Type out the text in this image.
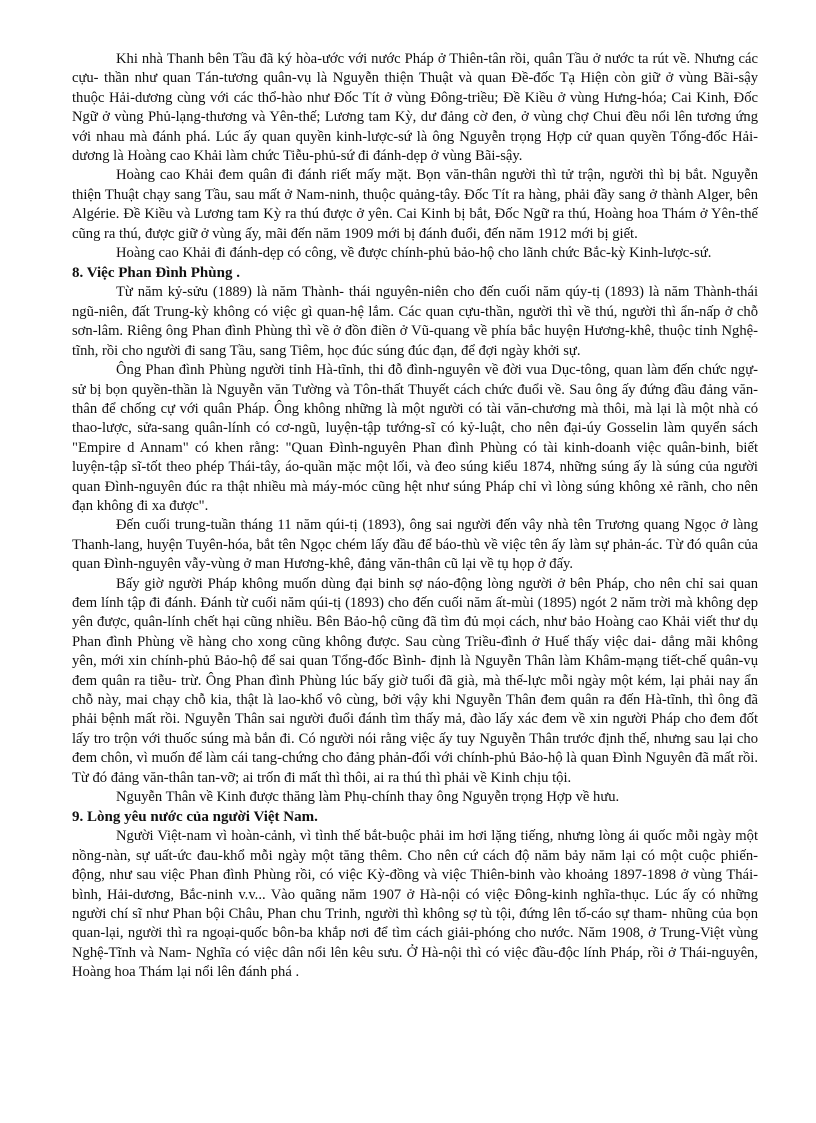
Khi nhà Thanh bên Tầu đã ký hòa-ước với nước Pháp ở Thiên-tân rồi, quân Tầu ở nước ta rút về. Nhưng các cựu- thần như quan Tán-tương quân-vụ là Nguyễn thiện Thuật và quan Đề-đốc Tạ Hiện còn giữ ở vùng Bãi-sậy thuộc Hải-dương cùng với các thổ-hào như Đốc Tít ở vùng Đông-triều; Đề Kiều ở vùng Hưng-hóa; Cai Kinh, Đốc Ngữ ở vùng Phủ-lạng-thương và Yên-thế; Lương tam Kỳ, dư đảng cờ đen, ở vùng chợ Chui đều nổi lên tương ứng với nhau mà đánh phá. Lúc ấy quan quyền kinh-lược-sứ là ông Nguyễn trọng Hợp cử quan quyền Tổng-đốc Hải-dương là Hoàng cao Khải làm chức Tiễu-phủ-sứ đi đánh-dẹp ở vùng Bãi-sậy.

Hoàng cao Khải đem quân đi đánh riết mấy mặt. Bọn văn-thân người thì tử trận, người thì bị bắt. Nguyễn thiện Thuật chạy sang Tầu, sau mất ở Nam-ninh, thuộc quảng-tây. Đốc Tít ra hàng, phải đầy sang ở thành Alger, bên Algérie. Đề Kiều và Lương tam Kỳ ra thú được ở yên. Cai Kinh bị bắt, Đốc Ngữ ra thú, Hoàng hoa Thám ở Yên-thế cũng ra thú, được giữ ở vùng ấy, mãi đến năm 1909 mới bị đánh đuổi, đến năm 1912 mới bị giết.

Hoàng cao Khải đi đánh-dẹp có công, về được chính-phủ bảo-hộ cho lãnh chức Bắc-kỳ Kinh-lược-sứ.

8. Việc Phan Đình Phùng .

Từ năm kỷ-sửu (1889) là năm Thành- thái nguyên-niên cho đến cuối năm qúy-tị (1893) là năm Thành-thái ngũ-niên, đất Trung-kỳ không có việc gì quan-hệ lắm. Các quan cựu-thần, người thì về thú, người thì ẩn-nấp ở chỗ sơn-lâm. Riêng ông Phan đình Phùng thì về ở đồn điền ở Vũ-quang về phía bắc huyện Hương-khê, thuộc tỉnh Nghệ-tĩnh, rồi cho người đi sang Tầu, sang Tiêm, học đúc súng đúc đạn, để đợi ngày khởi sự.

Ông Phan đình Phùng người tỉnh Hà-tĩnh, thi đỗ đình-nguyên về đời vua Dục-tông, quan làm đến chức ngự-sử bị bọn quyền-thần là Nguyễn văn Tường và Tôn-thất Thuyết cách chức đuổi về. Sau ông ấy đứng đầu đảng văn-thân để chống cự với quân Pháp. Ông không những là một người có tài văn-chương mà thôi, mà lại là một nhà có thao-lược, sửa-sang quân-lính có cơ-ngũ, luyện-tập tướng-sĩ có kỷ-luật, cho nên đại-úy Gosselin làm quyển sách "Empire d Annam" có khen rằng: "Quan Đình-nguyên Phan đình Phùng có tài kinh-doanh việc quân-binh, biết luyện-tập sĩ-tốt theo phép Thái-tây, áo-quần mặc một lối, và đeo súng kiểu 1874, những súng ấy là súng của người quan Đình-nguyên đúc ra thật nhiều mà máy-móc cũng hệt như súng Pháp chỉ vì lòng súng không xẻ rãnh, cho nên đạn không đi xa được".

Đến cuối trung-tuần tháng 11 năm qúi-tị (1893), ông sai người đến vây nhà tên Trương quang Ngọc ở làng Thanh-lang, huyện Tuyên-hóa, bắt tên Ngọc chém lấy đầu để báo-thù về việc tên ấy làm sự phản-ác. Từ đó quân của quan Đình-nguyên vẫy-vùng ở man Hương-khê, đảng văn-thân cũ lại về tụ họp ở đấy.

Bấy giờ người Pháp không muốn dùng đại binh sợ náo-động lòng người ở bên Pháp, cho nên chỉ sai quan đem lính tập đi đánh. Đánh từ cuối năm qúi-tị (1893) cho đến cuối năm ất-mùi (1895) ngót 2 năm trời mà không dẹp yên được, quân-lính chết hại cũng nhiều. Bên Bảo-hộ cũng đã tìm đủ mọi cách, như bảo Hoàng cao Khải viết thư dụ Phan đình Phùng về hàng cho xong cũng không được. Sau cùng Triều-đình ở Huế thấy việc dai- dẳng mãi không yên, mới xin chính-phủ Bảo-hộ để sai quan Tổng-đốc Bình- định là Nguyễn Thân làm Khâm-mạng tiết-chế quân-vụ đem quân ra tiễu- trừ. Ông Phan đình Phùng lúc bấy giờ tuổi đã già, mà thế-lực mỗi ngày một kém, lại phải nay ẩn chỗ này, mai chạy chỗ kia, thật là lao-khổ vô cùng, bởi vậy khi Nguyễn Thân đem quân ra đến Hà-tĩnh, thì ông đã phải bệnh mất rồi. Nguyễn Thân sai người đuổi đánh tìm thấy mả, đào lấy xác đem về xin người Pháp cho đem đốt lấy tro trộn với thuốc súng mà bắn đi. Có người nói rằng việc ấy tuy Nguyễn Thân trước định thế, nhưng sau lại cho đem chôn, vì muốn để làm cái tang-chứng cho đảng phản-đối với chính-phủ Bảo-hộ là quan Đình Nguyên đã mất rồi. Từ đó đảng văn-thân tan-vỡ; ai trốn đi mất thì thôi, ai ra thú thì phải về Kinh chịu tội.

Nguyễn Thân về Kinh được thăng làm Phụ-chính thay ông Nguyễn trọng Hợp về hưu.

9. Lòng yêu nước của người Việt Nam.

Người Việt-nam vì hoàn-cảnh, vì tình thế bắt-buộc phải im hơi lặng tiếng, nhưng lòng ái quốc mỗi ngày một nồng-nàn, sự uất-ức đau-khổ mỗi ngày một tăng thêm. Cho nên cứ cách độ năm bảy năm lại có một cuộc phiến-động, như sau việc Phan đình Phùng rồi, có việc Kỳ-đồng và việc Thiên-binh vào khoảng 1897-1898 ở vùng Thái-bình, Hải-dương, Bắc-ninh v.v... Vào quãng năm 1907 ở Hà-nội có việc Đông-kinh nghĩa-thục. Lúc ấy có những người chí sĩ như Phan bội Châu, Phan chu Trinh, người thì không sợ tù tội, đứng lên tố-cáo sự tham- nhũng của bọn quan-lại, người thì ra ngoại-quốc bôn-ba khắp nơi để tìm cách giải-phóng cho nước. Năm 1908, ở Trung-Việt vùng Nghệ-Tĩnh và Nam- Nghĩa có việc dân nổi lên kêu sưu. Ở Hà-nội thì có việc đầu-độc lính Pháp, rồi ở Thái-nguyên, Hoàng hoa Thám lại nổi lên đánh phá .
